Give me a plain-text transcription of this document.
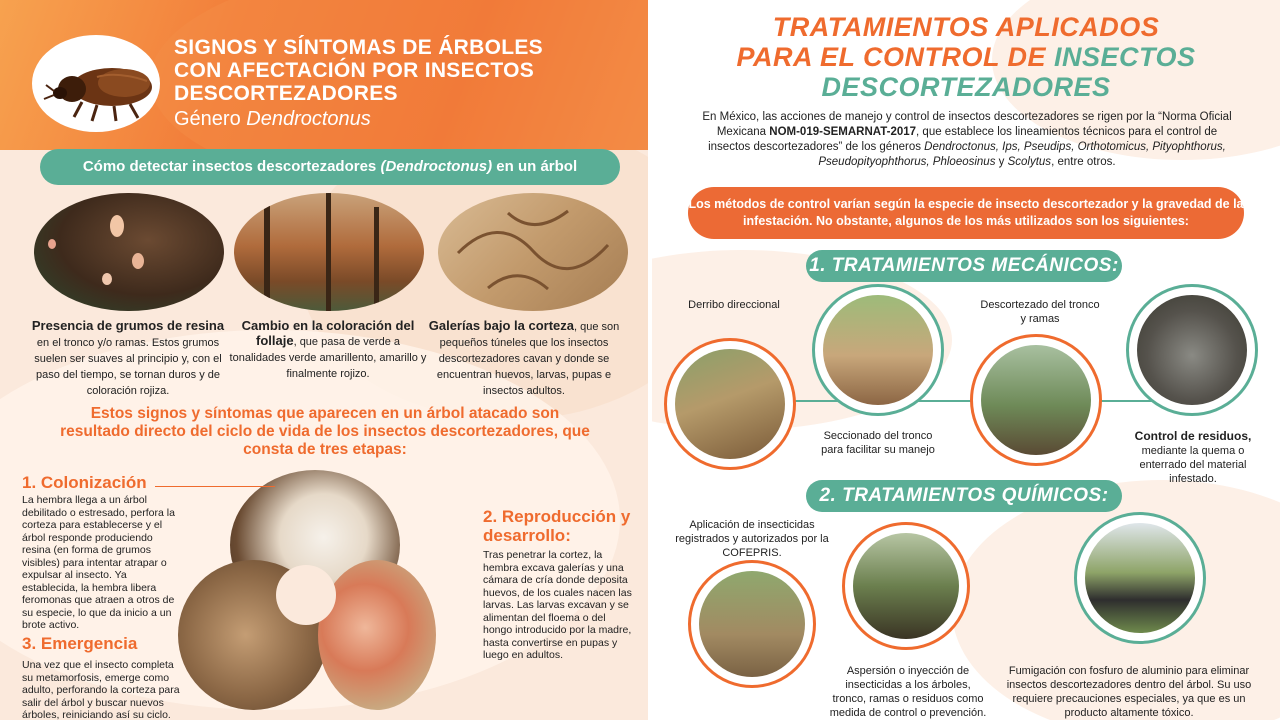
SIGNOS Y SÍNTOMAS DE ÁRBOLES
CON AFECTACIÓN POR INSECTOS
DESCORTEZADORES
Género Dendroctonus
Cómo detectar insectos descortezadores (Dendroctonus) en un árbol
Presencia de grumos de resina en el tronco y/o ramas. Estos grumos suelen ser suaves al principio y, con el paso del tiempo, se tornan duros y de coloración rojiza.
Cambio en la coloración del follaje, que pasa de verde a tonalidades verde amarillento, amarillo y finalmente rojizo.
Galerías bajo la corteza, que son pequeños túneles que los insectos descortezadores cavan y donde se encuentran huevos, larvas, pupas e insectos adultos.
Estos signos y síntomas que aparecen en un árbol atacado son resultado directo del ciclo de vida de los insectos descortezadores, que consta de tres etapas:
1. Colonización
La hembra llega a un árbol debilitado o estresado, perfora la corteza para establecerse y el árbol responde produciendo resina (en forma de grumos visibles) para intentar atrapar o expulsar al insecto. Ya establecida, la hembra libera feromonas que atraen a otros de su especie, lo que da inicio a un brote activo.
2. Reproducción y desarrollo:
Tras penetrar la cortez, la hembra excava galerías y una cámara de cría donde deposita huevos, de los cuales nacen las larvas. Las larvas excavan y se alimentan del floema o del hongo introducido por la madre, hasta convertirse en pupas y luego en adultos.
3. Emergencia
Una vez que el insecto completa su metamorfosis, emerge como adulto, perforando la corteza para salir del árbol y buscar nuevos árboles, reiniciando así su ciclo.
TRATAMIENTOS APLICADOS
PARA EL CONTROL DE INSECTOS
DESCORTEZADORES
En México, las acciones de manejo y control de insectos descortezadores se rigen por la “Norma Oficial Mexicana NOM-019-SEMARNAT-2017, que establece los lineamientos técnicos para el control de insectos descortezadores” de los géneros Dendroctonus, Ips, Pseudips, Orthotomicus, Pityophthorus, Pseudopityophthorus, Phloeosinus y Scolytus, entre otros.
Los métodos de control varían según la especie de insecto descortezador y la gravedad de la infestación. No obstante, algunos de los más utilizados son los siguientes:
1. TRATAMIENTOS MECÁNICOS:
Derribo direccional
Seccionado del tronco para facilitar su manejo
Descortezado del tronco y ramas
Control de residuos,
mediante la quema o enterrado del material infestado.
2. TRATAMIENTOS QUÍMICOS:
Aplicación de insecticidas registrados y autorizados por la COFEPRIS.
Aspersión o inyección de insecticidas a los árboles, tronco, ramas o residuos como medida de control o prevención.
Fumigación con fosfuro de aluminio para eliminar insectos descortezadores dentro del árbol. Su uso requiere precauciones especiales, ya que es un producto altamente tóxico.
